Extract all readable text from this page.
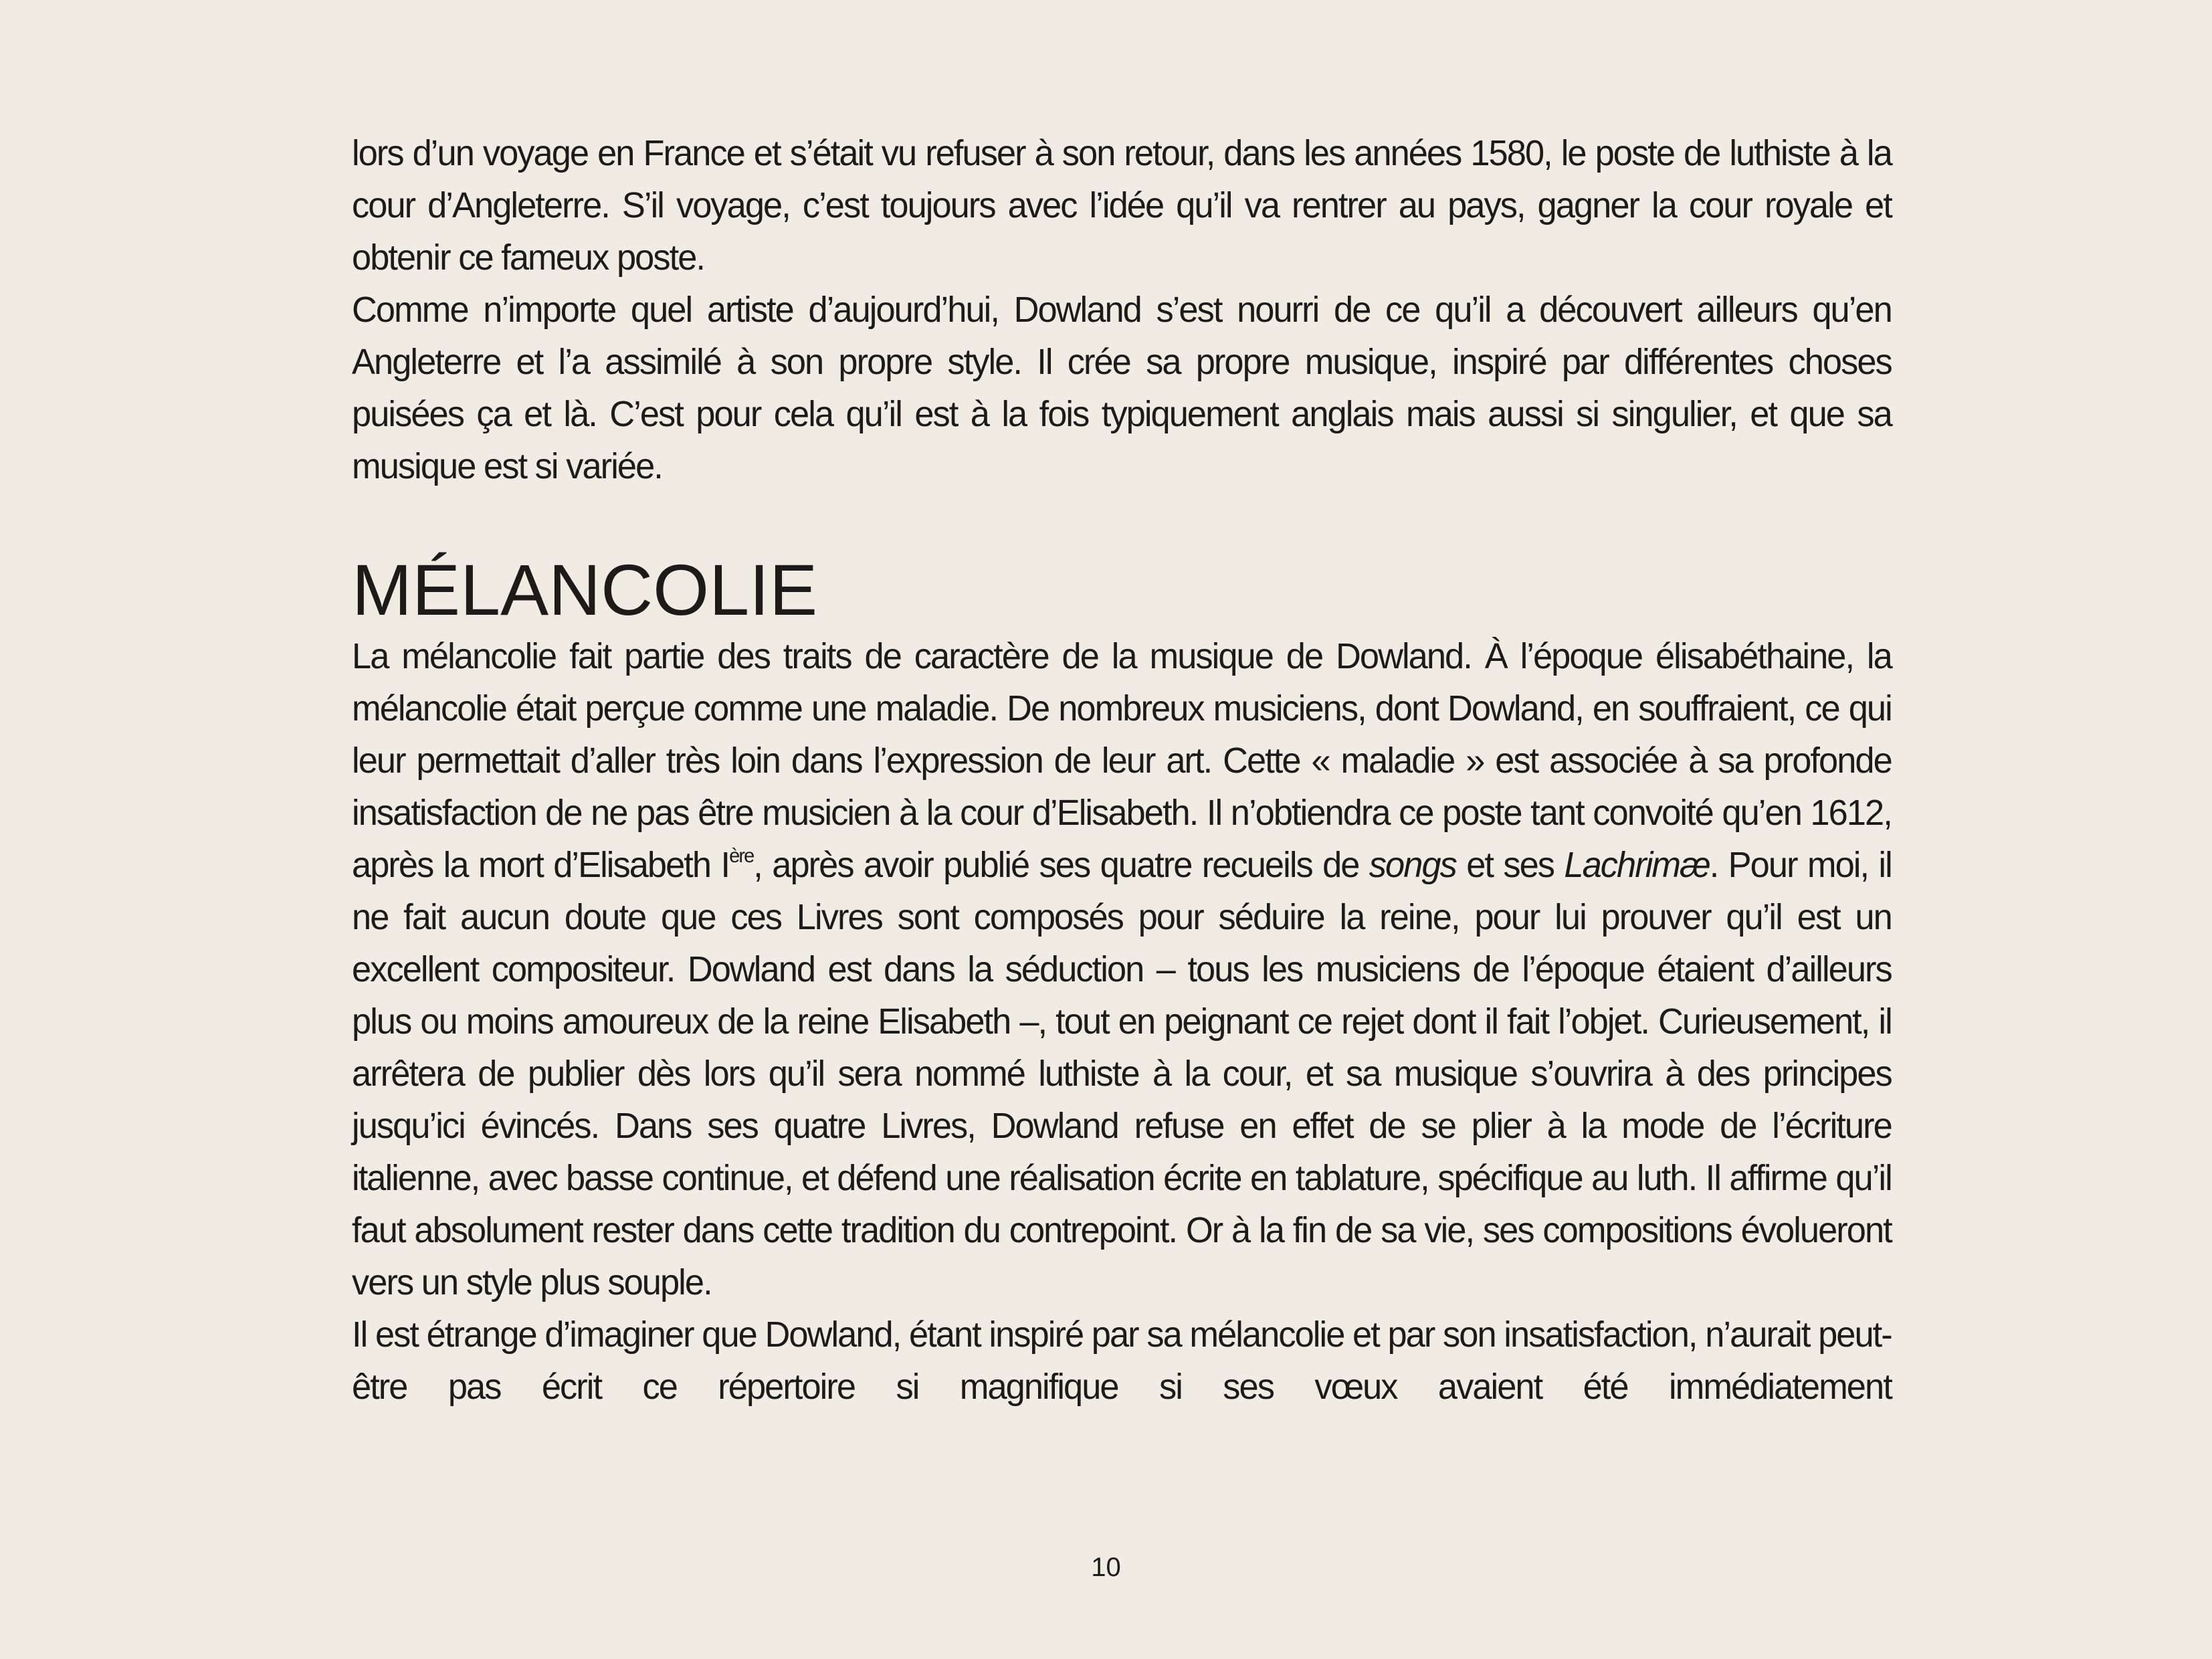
lors d’un voyage en France et s’était vu refuser à son retour, dans les années 1580, le poste de luthiste à la cour d’Angleterre. S’il voyage, c’est toujours avec l’idée qu’il va rentrer au pays, gagner la cour royale et obtenir ce fameux poste.

Comme n’importe quel artiste d’aujourd’hui, Dowland s’est nourri de ce qu’il a découvert ailleurs qu’en Angleterre et l’a assimilé à son propre style. Il crée sa propre musique, inspiré par différentes choses puisées ça et là. C’est pour cela qu’il est à la fois typiquement anglais mais aussi si singulier, et que sa musique est si variée.

MÉLANCOLIE

La mélancolie fait partie des traits de caractère de la musique de Dowland. À l’époque élisabéthaine, la mélancolie était perçue comme une maladie. De nombreux musiciens, dont Dowland, en souffraient, ce qui leur permettait d’aller très loin dans l’expression de leur art. Cette « maladie » est associée à sa profonde insatisfaction de ne pas être musicien à la cour d’Elisabeth. Il n’obtiendra ce poste tant convoité qu’en 1612, après la mort d’Elisabeth Ière, après avoir publié ses quatre recueils de songs et ses Lachrimæ. Pour moi, il ne fait aucun doute que ces Livres sont composés pour séduire la reine, pour lui prouver qu’il est un excellent compositeur. Dowland est dans la séduction – tous les musiciens de l’époque étaient d’ailleurs plus ou moins amoureux de la reine Elisabeth –, tout en peignant ce rejet dont il fait l’objet. Curieusement, il arrêtera de publier dès lors qu’il sera nommé luthiste à la cour, et sa musique s’ouvrira à des principes jusqu’ici évincés. Dans ses quatre Livres, Dowland refuse en effet de se plier à la mode de l’écriture italienne, avec basse continue, et défend une réalisation écrite en tablature, spécifique au luth. Il affirme qu’il faut absolument rester dans cette tradition du contrepoint. Or à la fin de sa vie, ses compositions évolueront vers un style plus souple.

Il est étrange d’imaginer que Dowland, étant inspiré par sa mélancolie et par son insatisfaction, n’aurait peut-être pas écrit ce répertoire si magnifique si ses vœux avaient été immédiatement

10
